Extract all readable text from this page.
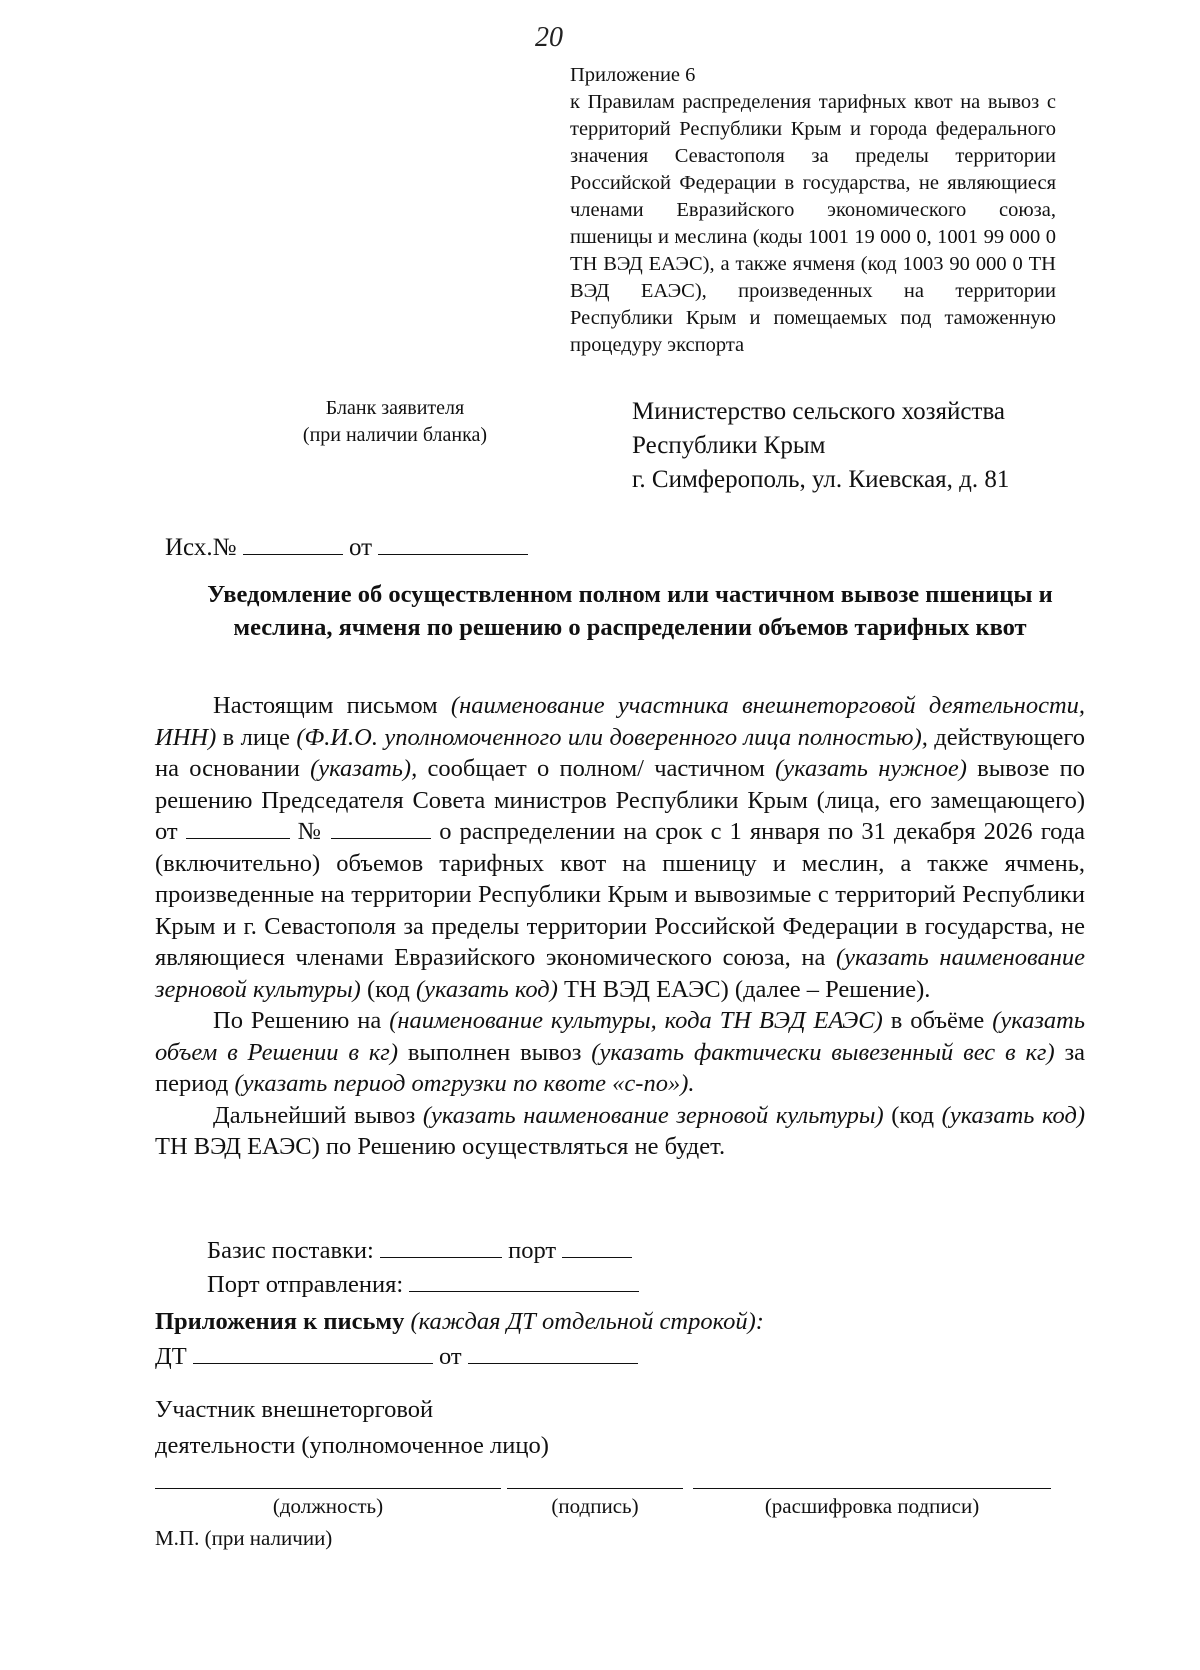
20
Приложение 6
к Правилам распределения тарифных квот на вывоз с территорий Республики Крым и города федерального значения Севастополя за пределы территории Российской Федерации в государства, не являющиеся членами Евразийского экономического союза, пшеницы и меслина (коды 1001 19 000 0, 1001 99 000 0 ТН ВЭД ЕАЭС), а также ячменя (код 1003 90 000 0 ТН ВЭД ЕАЭС), произведенных на территории Республики Крым и помещаемых под таможенную процедуру экспорта
Бланк заявителя
(при наличии бланка)
Министерство сельского хозяйства
Республики Крым
г. Симферополь, ул. Киевская, д. 81
Исх.№	от
Уведомление об осуществленном полном или частичном вывозе пшеницы и меслина, ячменя по решению о распределении объемов тарифных квот

Настоящим письмом (наименование участника внешнеторговой деятельности, ИНН) в лице (Ф.И.О. уполномоченного или доверенного лица полностью), действующего на основании (указать), сообщает о полном/ частичном (указать нужное) вывозе по решению Председателя Совета министров Республики Крым (лица, его замещающего) от	№	о распределении на срок с 1 января по 31 декабря 2026 года (включительно) объемов тарифных квот на пшеницу и меслин, а также ячмень, произведенные на территории Республики Крым и вывозимые с территорий Республики Крым и г. Севастополя за пределы территории Российской Федерации в государства, не являющиеся членами Евразийского экономического союза, на (указать наименование зерновой культуры) (код (указать код) ТН ВЭД ЕАЭС) (далее – Решение).

По Решению на (наименование культуры, кода ТН ВЭД ЕАЭС) в объёме (указать объем в Решении в кг) выполнен вывоз (указать фактически вывезенный вес в кг) за период (указать период отгрузки по квоте «с-по»).

Дальнейший вывоз (указать наименование зерновой культуры) (код (указать код) ТН ВЭД ЕАЭС) по Решению осуществляться не будет.

Базис поставки:	порт
Порт отправления:
Приложения к письму (каждая ДТ отдельной строкой):
ДТ	от
Участник внешнеторговой
деятельности (уполномоченное лицо)
(должность)	(подпись)	(расшифровка подписи)
М.П. (при наличии)
